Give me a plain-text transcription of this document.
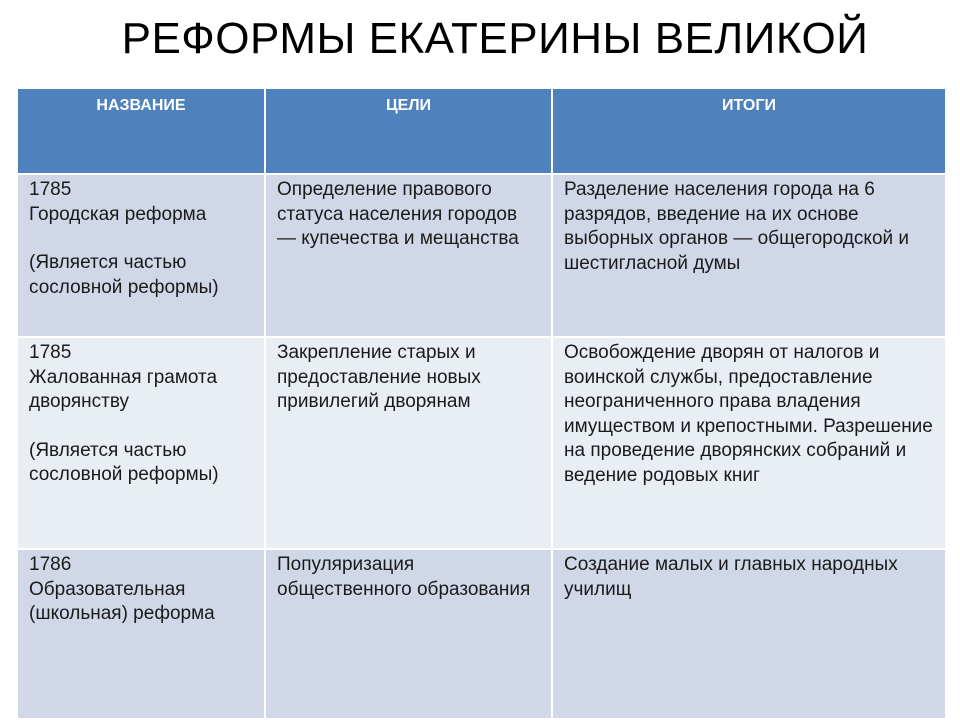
РЕФОРМЫ ЕКАТЕРИНЫ ВЕЛИКОЙ
НАЗВАНИЕ	ЦЕЛИ	ИТОГИ

1785
Городская реформа
(Является частью сословной реформы)	Определение правового статуса населения городов — купечества и мещанства	Разделение населения города на 6 разрядов, введение на их основе выборных органов — общегородской и шестигласной думы

1785
Жалованная грамота дворянству
(Является частью сословной реформы)	Закрепление старых и предоставление новых привилегий дворянам	Освобождение дворян от налогов и воинской службы, предоставление неограниченного права владения имуществом и крепостными. Разрешение на проведение дворянских собраний и ведение родовых книг

1786
Образовательная (школьная) реформа	Популяризация общественного образования	Создание малых и главных народных училищ
